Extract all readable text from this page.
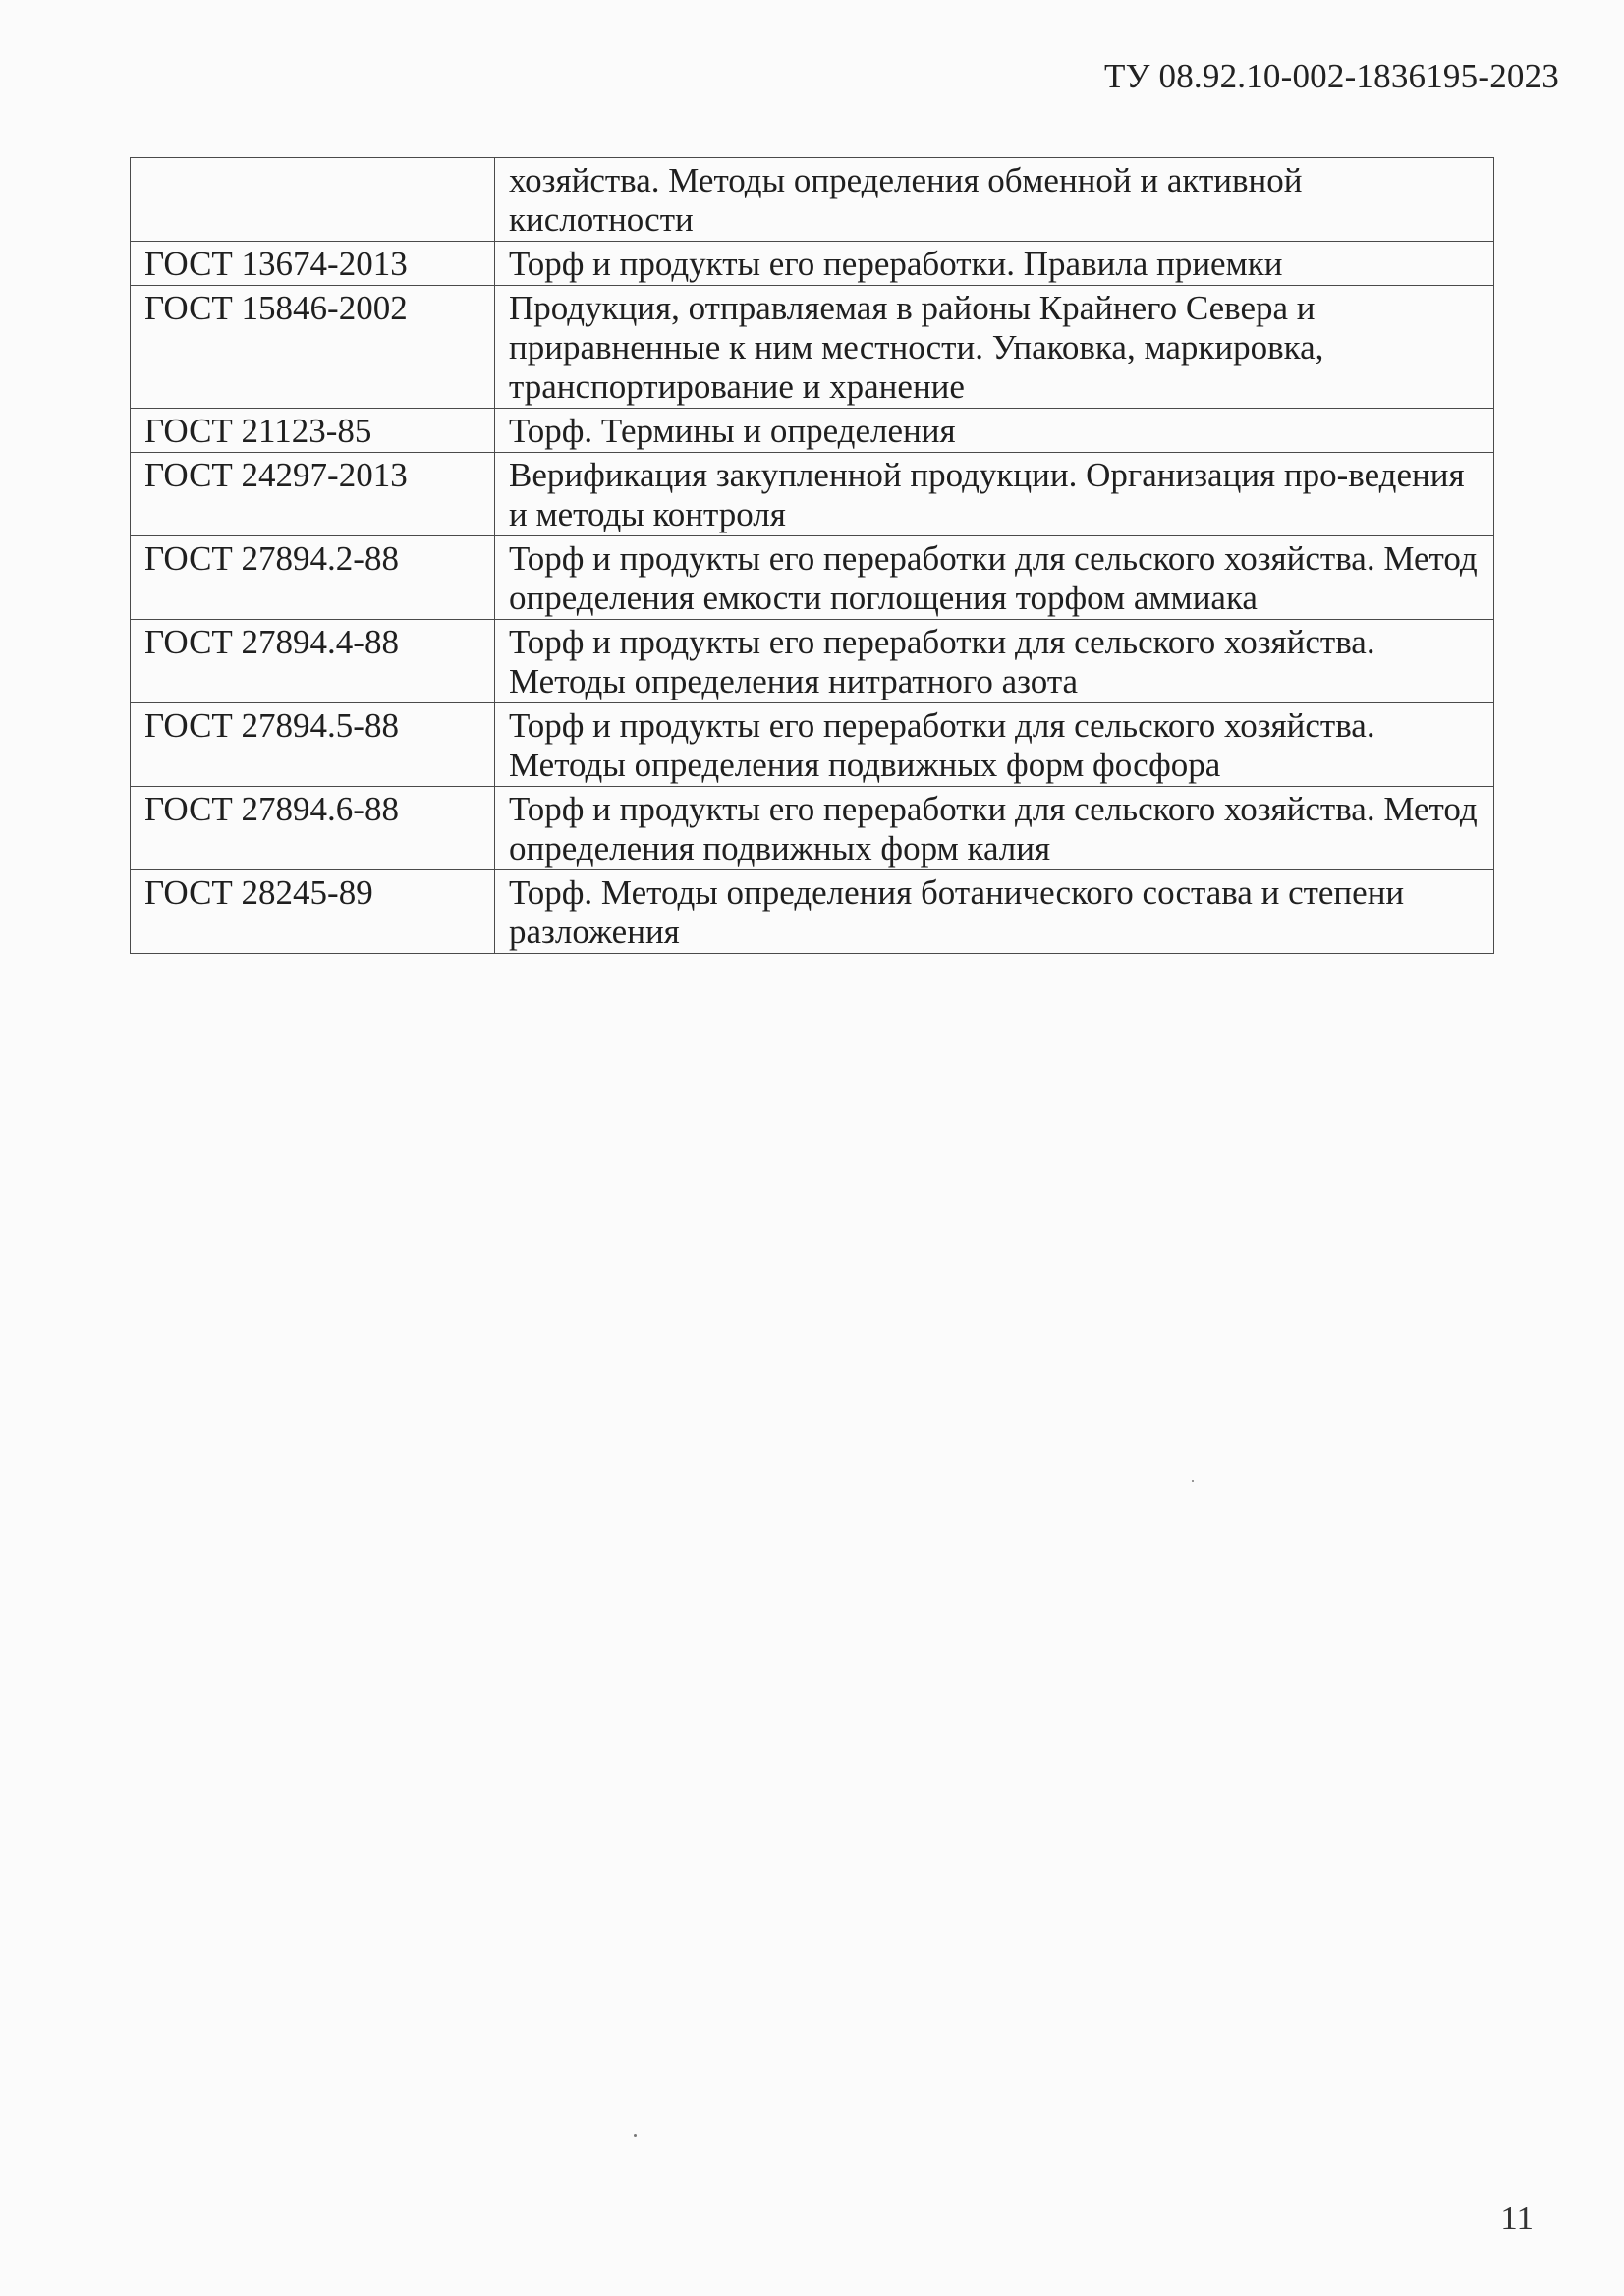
ТУ 08.92.10-002-1836195-2023
	хозяйства. Методы определения обменной и активной кислотности
ГОСТ 13674-2013	Торф и продукты его переработки. Правила приемки
ГОСТ 15846-2002	Продукция, отправляемая в районы Крайнего Севера и приравненные к ним местности. Упаковка, маркировка, транспортирование и хранение
ГОСТ 21123-85	Торф. Термины и определения
ГОСТ 24297-2013	Верификация закупленной продукции. Организация про-ведения и методы контроля
ГОСТ 27894.2-88	Торф и продукты его переработки для сельского хозяйства. Метод определения емкости поглощения торфом аммиака
ГОСТ 27894.4-88	Торф и продукты его переработки для сельского хозяйства. Методы определения нитратного азота
ГОСТ 27894.5-88	Торф и продукты его переработки для сельского хозяйства. Методы определения подвижных форм фосфора
ГОСТ 27894.6-88	Торф и продукты его переработки для сельского хозяйства. Метод определения подвижных форм калия
ГОСТ 28245-89	Торф. Методы определения ботанического состава и степени разложения
11
